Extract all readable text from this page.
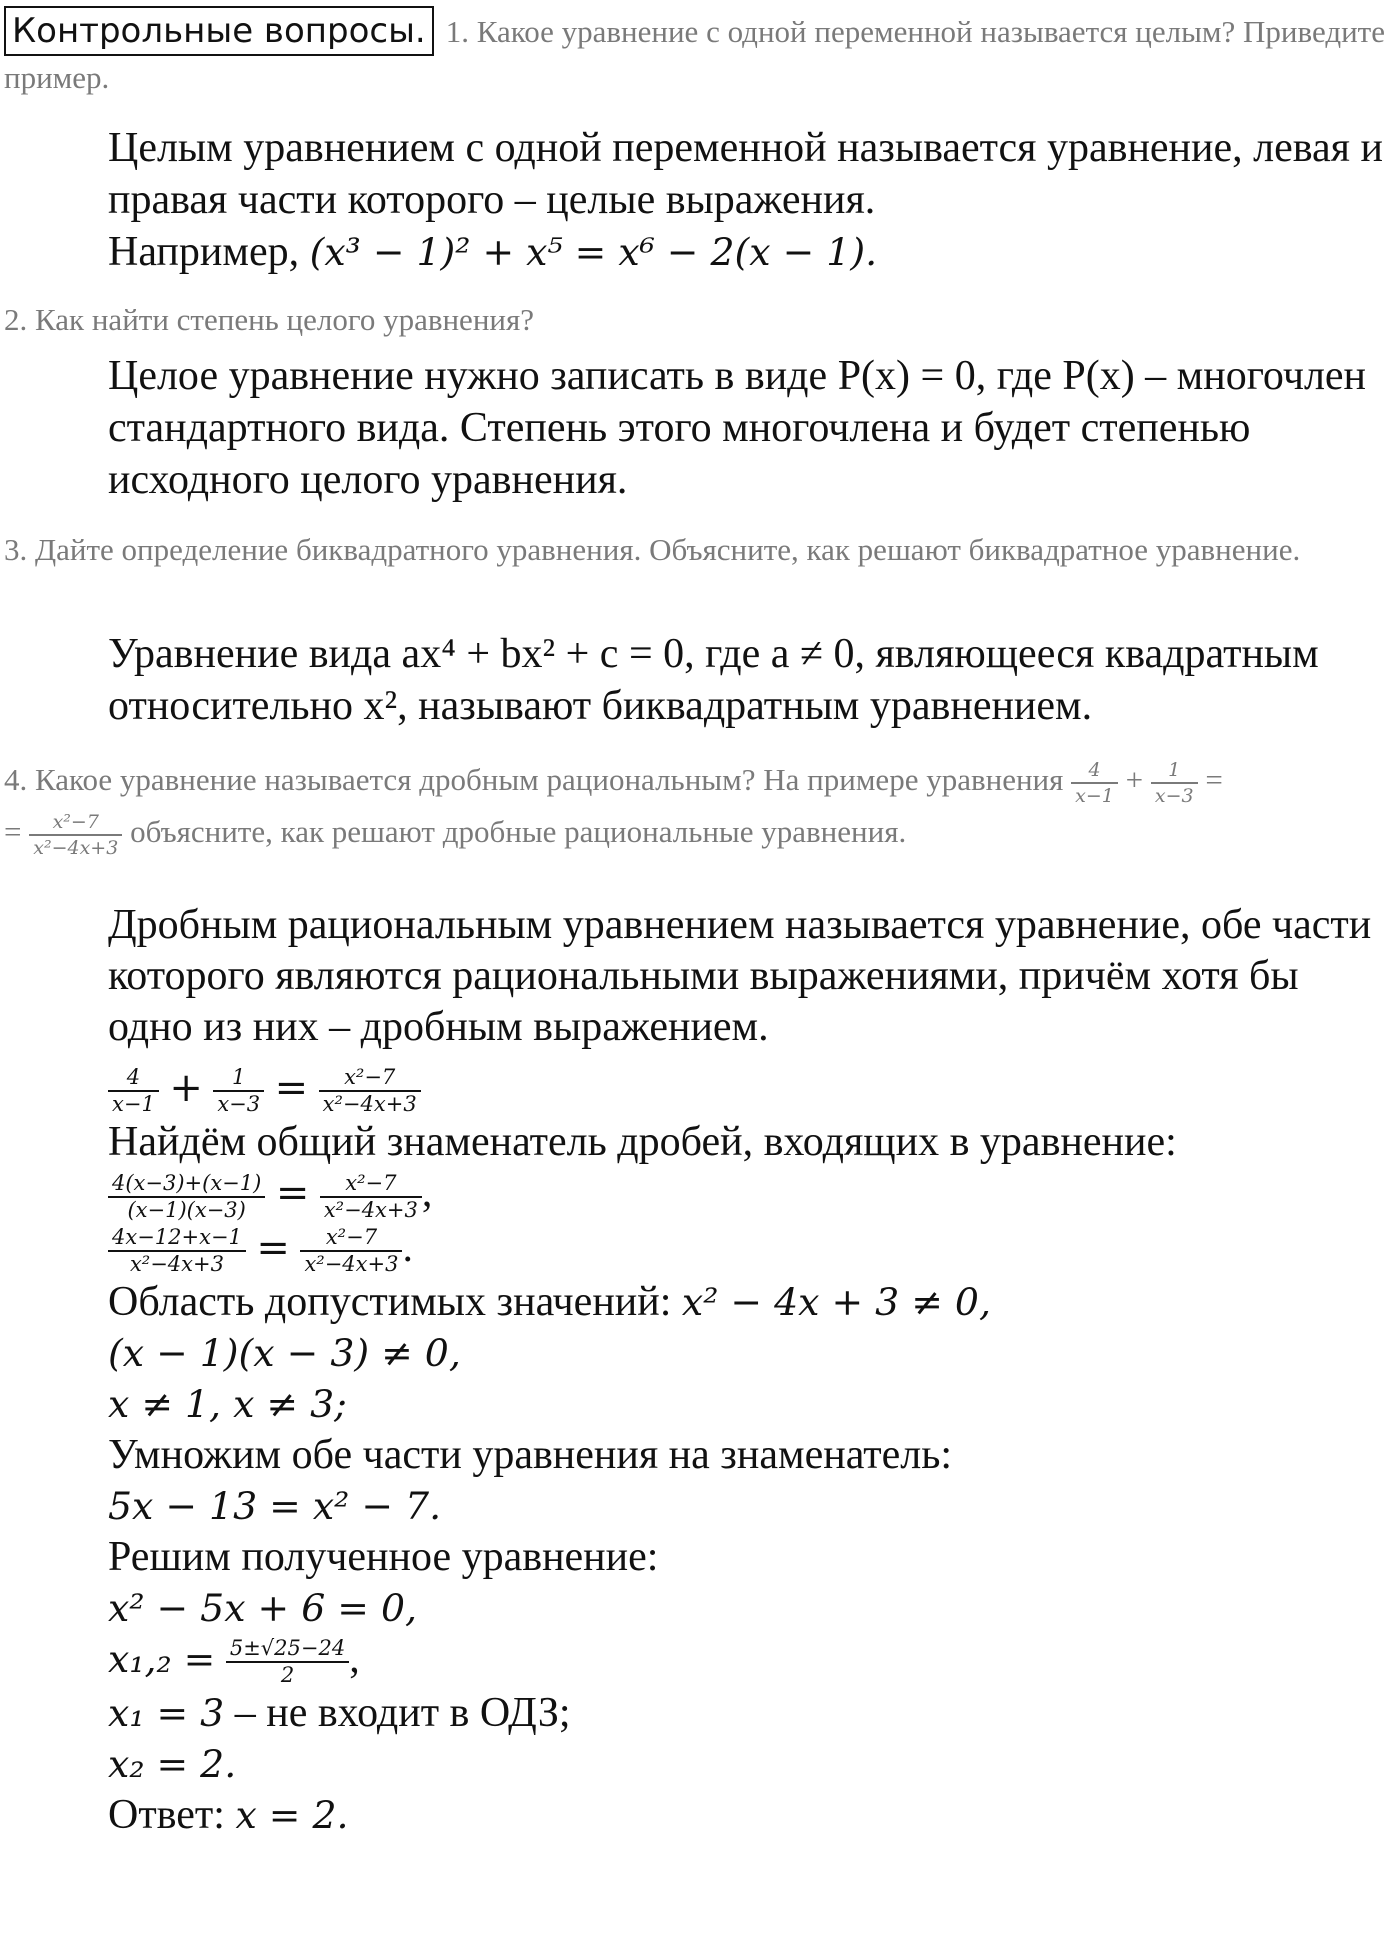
Контрольные вопросы. 1. Какое уравнение с одной переменной называется целым? Приведите пример.
Целым уравнением с одной переменной называется уравнение, левая и правая части которого – целые выражения.
Например, (x³ − 1)² + x⁵ = x⁶ − 2(x − 1).
2. Как найти степень целого уравнения?
Целое уравнение нужно записать в виде P(x) = 0, где P(x) – многочлен стандартного вида. Степень этого многочлена и будет степенью исходного целого уравнения.
3. Дайте определение биквадратного уравнения. Объясните, как решают биквадратное уравнение.
Уравнение вида ax⁴ + bx² + c = 0, где a ≠ 0, являющееся квадратным относительно x², называют биквадратным уравнением.
4. Какое уравнение называется дробным рациональным? На примере уравнения $\frac{4}{x-1} + \frac{1}{x-3}$ =
= $\frac{\text{x²−7}}{\text{x²−4x+3}}$ объясните, как решают дробные рациональные уравнения.
Дробным рациональным уравнением называется уравнение, обе части которого являются рациональными выражениями, причём хотя бы одно из них – дробным выражением.
$\frac{4}{x-1} + \frac{1}{x-3} = \frac{\text{x²−7}}{\text{x²−4x+3}}$
Найдём общий знаменатель дробей, входящих в уравнение:
$\frac{4(x-3)+(x-1)}{(x-1)(x-3)} = \frac{\text{x²−7}}{\text{x²−4x+3}}$ ,
$\frac{4x-12+x-1}{\text{x²−4x+3}} = \frac{\text{x²−7}}{\text{x²−4x+3}}$ .
Область допустимых значений: x² − 4x + 3 ≠ 0,
(x − 1)(x − 3) ≠ 0,
x ≠ 1, x ≠ 3;
Умножим обе части уравнения на знаменатель:
5x − 13 = x² − 7.
Решим полученное уравнение:
x² − 5x + 6 = 0,
$x_1,_2 = \frac{5\pm√25-24}{2}$ ,
x₁ = 3 – не входит в ОДЗ;
x₂ = 2.
Ответ: x = 2.
